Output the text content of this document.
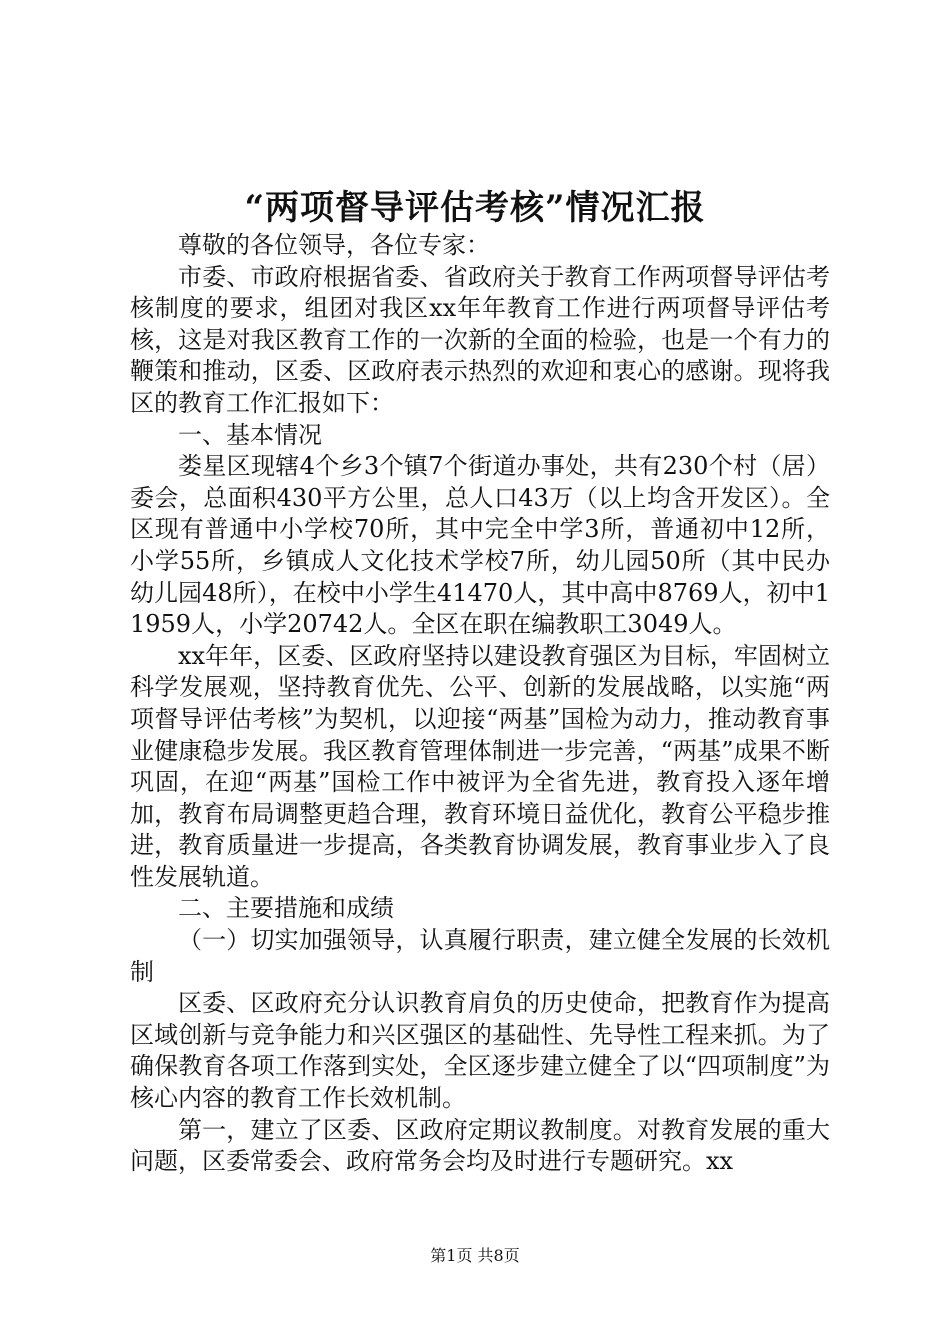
“两项督导评估考核”情况汇报

尊敬的各位领导，各位专家：

市委、市政府根据省委、省政府关于教育工作两项督导评估考核制度的要求，组团对我区xx年年教育工作进行两项督导评估考核，这是对我区教育工作的一次新的全面的检验，也是一个有力的鞭策和推动，区委、区政府表示热烈的欢迎和衷心的感谢。现将我区的教育工作汇报如下：

一、基本情况

娄星区现辖4个乡3个镇7个街道办事处，共有230个村（居）委会，总面积430平方公里，总人口43万（以上均含开发区）。全区现有普通中小学校70所，其中完全中学3所，普通初中12所，小学55所，乡镇成人文化技术学校7所，幼儿园50所（其中民办幼儿园48所），在校中小学生41470人，其中高中8769人，初中11959人，小学20742人。全区在职在编教职工3049人。

xx年年，区委、区政府坚持以建设教育强区为目标，牢固树立科学发展观，坚持教育优先、公平、创新的发展战略，以实施“两项督导评估考核”为契机，以迎接“两基”国检为动力，推动教育事业健康稳步发展。我区教育管理体制进一步完善，“两基”成果不断巩固，在迎“两基”国检工作中被评为全省先进，教育投入逐年增加，教育布局调整更趋合理，教育环境日益优化，教育公平稳步推进，教育质量进一步提高，各类教育协调发展，教育事业步入了良性发展轨道。

二、主要措施和成绩

（一）切实加强领导，认真履行职责，建立健全发展的长效机制

区委、区政府充分认识教育肩负的历史使命，把教育作为提高区域创新与竞争能力和兴区强区的基础性、先导性工程来抓。为了确保教育各项工作落到实处，全区逐步建立健全了以“四项制度”为核心内容的教育工作长效机制。

第一，建立了区委、区政府定期议教制度。对教育发展的重大问题，区委常委会、政府常务会均及时进行专题研究。xx

第1页 共8页
